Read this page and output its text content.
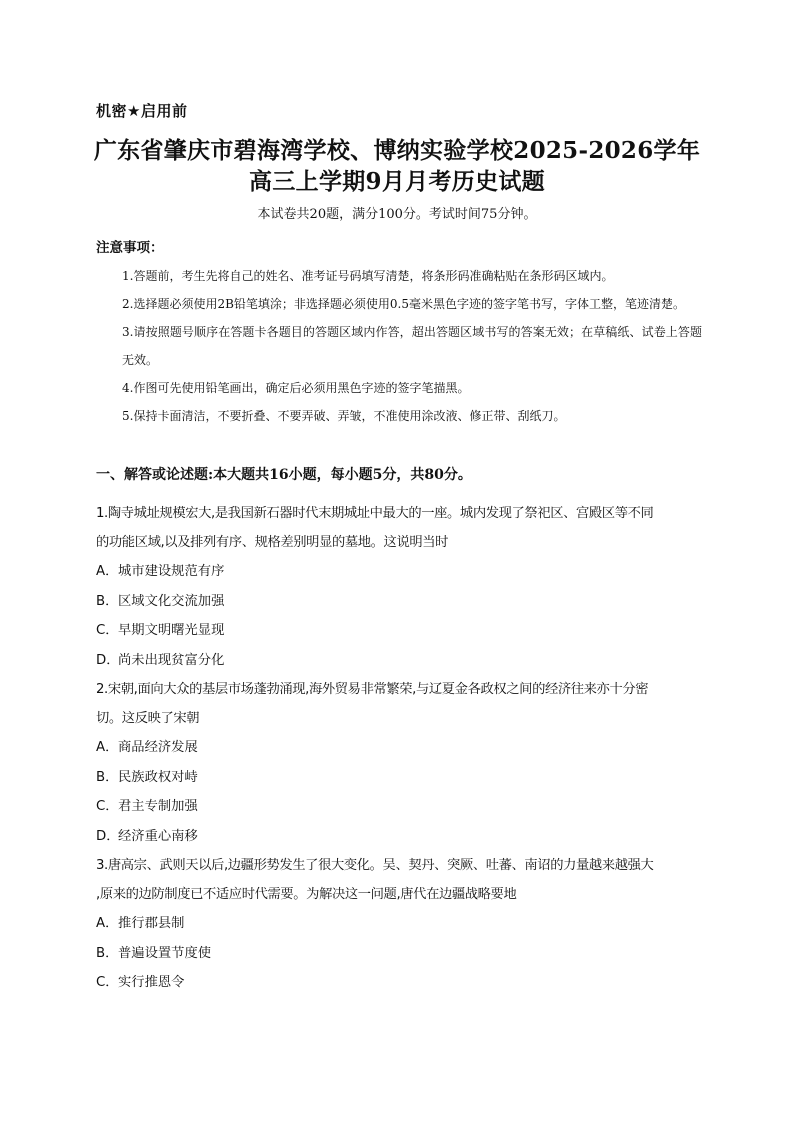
机密★启用前
广东省肇庆市碧海湾学校、博纳实验学校2025-2026学年
高三上学期9月月考历史试题
本试卷共20题，满分100分。考试时间75分钟。
注意事项：

1.答题前，考生先将自己的姓名、准考证号码填写清楚，将条形码准确粘贴在条形码区域内。

2.选择题必须使用2B铅笔填涂；非选择题必须使用0.5毫米黑色字迹的签字笔书写，字体工整，笔迹清楚。

3.请按照题号顺序在答题卡各题目的答题区域内作答，超出答题区域书写的答案无效；在草稿纸、试卷上答题无效。

4.作图可先使用铅笔画出，确定后必须用黑色字迹的签字笔描黑。

5.保持卡面清洁，不要折叠、不要弄破、弄皱，不准使用涂改液、修正带、刮纸刀。

一、解答或论述题:本大题共16小题，每小题5分，共80分。

1.陶寺城址规模宏大,是我国新石器时代末期城址中最大的一座。城内发现了祭祀区、宫殿区等不同

的功能区域,以及排列有序、规格差别明显的墓地。这说明当时

A．城市建设规范有序

B．区域文化交流加强

C．早期文明曙光显现

D．尚未出现贫富分化

2.宋朝,面向大众的基层市场蓬勃涌现,海外贸易非常繁荣,与辽夏金各政权之间的经济往来亦十分密

切。这反映了宋朝

A．商品经济发展

B．民族政权对峙

C．君主专制加强

D．经济重心南移

3.唐高宗、武则天以后,边疆形势发生了很大变化。吴、契丹、突厥、吐蕃、南诏的力量越来越强大

,原来的边防制度已不适应时代需要。为解决这一问题,唐代在边疆战略要地

A．推行郡县制

B．普遍设置节度使

C．实行推恩令
